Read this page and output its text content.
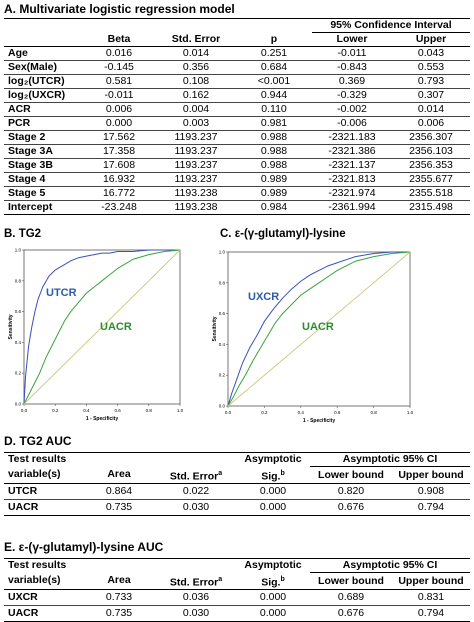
A. Multivariate logistic regression model
				95% Confidence Interval	
	Beta	Std. Error	p	Lower	Upper
Age	0.016	0.014	0.251	-0.011	0.043
Sex(Male)	-0.145	0.356	0.684	-0.843	0.553
log₂(UTCR)	0.581	0.108	<0.001	0.369	0.793
log₂(UXCR)	-0.011	0.162	0.944	-0.329	0.307
ACR	0.006	0.004	0.110	-0.002	0.014
PCR	0.000	0.003	0.981	-0.006	0.006
Stage 2	17.562	1193.237	0.988	-2321.183	2356.307
Stage 3A	17.358	1193.237	0.988	-2321.386	2356.103
Stage 3B	17.608	1193.237	0.988	-2321.137	2356.353
Stage 4	16.932	1193.237	0.989	-2321.813	2355.677
Stage 5	16.772	1193.238	0.989	-2321.974	2355.518
Intercept	-23.248	1193.238	0.984	-2361.994	2315.498
B. TG2
0.0
0.0
0.2
0.2
0.4
0.4
0.6
0.6
0.8
0.8
1.0
1.0
UTCR
UACR
1 - Specificity
Sensitivity
C. ε-(γ-glutamyl)-lysine
0.0
0.0
0.2
0.2
0.4
0.4
0.6
0.6
0.8
0.8
1.0
1.0
UXCR
UACR
1 - Specificity
Sensitivity
D. TG2 AUC
Test results			Asymptotic	Asymptotic 95% CI	
variable(s)	Area	Std. Error$^a$	Sig.$^b$	Lower bound	Upper bound
UTCR	0.864	0.022	0.000	0.820	0.908
UACR	0.735	0.030	0.000	0.676	0.794
E. ε-(γ-glutamyl)-lysine AUC
Test results			Asymptotic	Asymptotic 95% CI	
variable(s)	Area	Std. Error$^a$	Sig.$^b$	Lower bound	Upper bound
UXCR	0.733	0.036	0.000	0.689	0.831
UACR	0.735	0.030	0.000	0.676	0.794
